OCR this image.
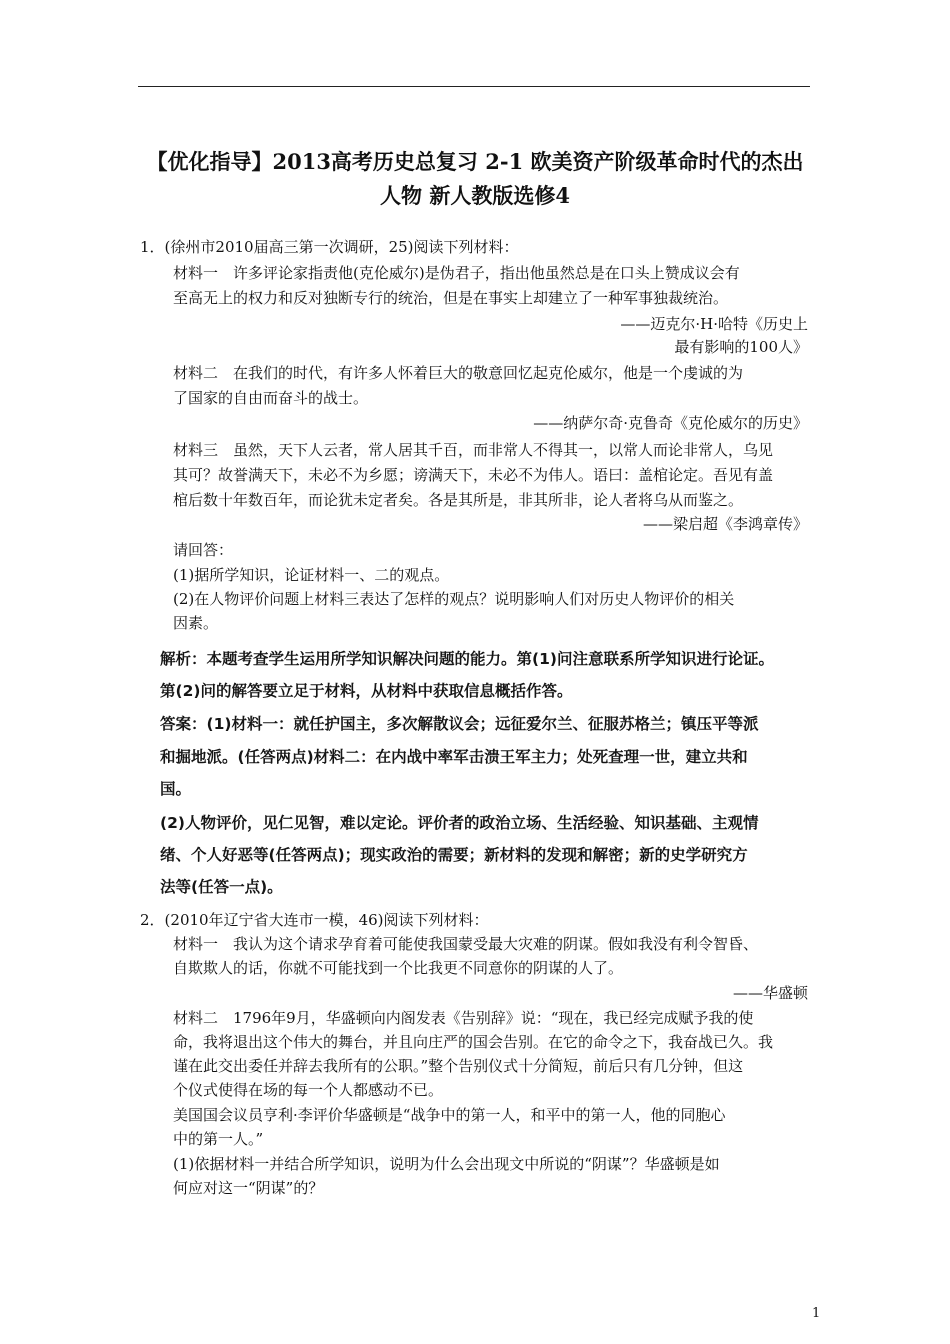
【优化指导】2013高考历史总复习 2-1 欧美资产阶级革命时代的杰出
人物 新人教版选修4
1．(徐州市2010届高三第一次调研，25)阅读下列材料：
材料一　许多评论家指责他(克伦威尔)是伪君子，指出他虽然总是在口头上赞成议会有
至高无上的权力和反对独断专行的统治，但是在事实上却建立了一种军事独裁统治。
——迈克尔·H·哈特《历史上
最有影响的100人》
材料二　在我们的时代，有许多人怀着巨大的敬意回忆起克伦威尔，他是一个虔诚的为
了国家的自由而奋斗的战士。
——纳萨尔奇·克鲁奇《克伦威尔的历史》
材料三　虽然，天下人云者，常人居其千百，而非常人不得其一，以常人而论非常人，乌见
其可？故誉满天下，未必不为乡愿；谤满天下，未必不为伟人。语曰：盖棺论定。吾见有盖
棺后数十年数百年，而论犹未定者矣。各是其所是，非其所非，论人者将乌从而鉴之。
——梁启超《李鸿章传》
请回答：
(1)据所学知识，论证材料一、二的观点。
(2)在人物评价问题上材料三表达了怎样的观点？说明影响人们对历史人物评价的相关
因素。
解析：本题考查学生运用所学知识解决问题的能力。第(1)问注意联系所学知识进行论证。
第(2)问的解答要立足于材料，从材料中获取信息概括作答。
答案：(1)材料一：就任护国主，多次解散议会；远征爱尔兰、征服苏格兰；镇压平等派
和掘地派。(任答两点)材料二：在内战中率军击溃王军主力；处死查理一世，建立共和
国。
(2)人物评价，见仁见智，难以定论。评价者的政治立场、生活经验、知识基础、主观情
绪、个人好恶等(任答两点)；现实政治的需要；新材料的发现和解密；新的史学研究方
法等(任答一点)。
2．(2010年辽宁省大连市一模，46)阅读下列材料：
材料一　我认为这个请求孕育着可能使我国蒙受最大灾难的阴谋。假如我没有利令智昏、
自欺欺人的话，你就不可能找到一个比我更不同意你的阴谋的人了。
——华盛顿
材料二　1796年9月，华盛顿向内阁发表《告别辞》说：“现在，我已经完成赋予我的使
命，我将退出这个伟大的舞台，并且向庄严的国会告别。在它的命令之下，我奋战已久。我
谨在此交出委任并辞去我所有的公职。”整个告别仪式十分简短，前后只有几分钟，但这
个仪式使得在场的每一个人都感动不已。
美国国会议员亨利·李评价华盛顿是“战争中的第一人，和平中的第一人，他的同胞心
中的第一人。”
(1)依据材料一并结合所学知识，说明为什么会出现文中所说的“阴谋”？华盛顿是如
何应对这一“阴谋”的？
1
